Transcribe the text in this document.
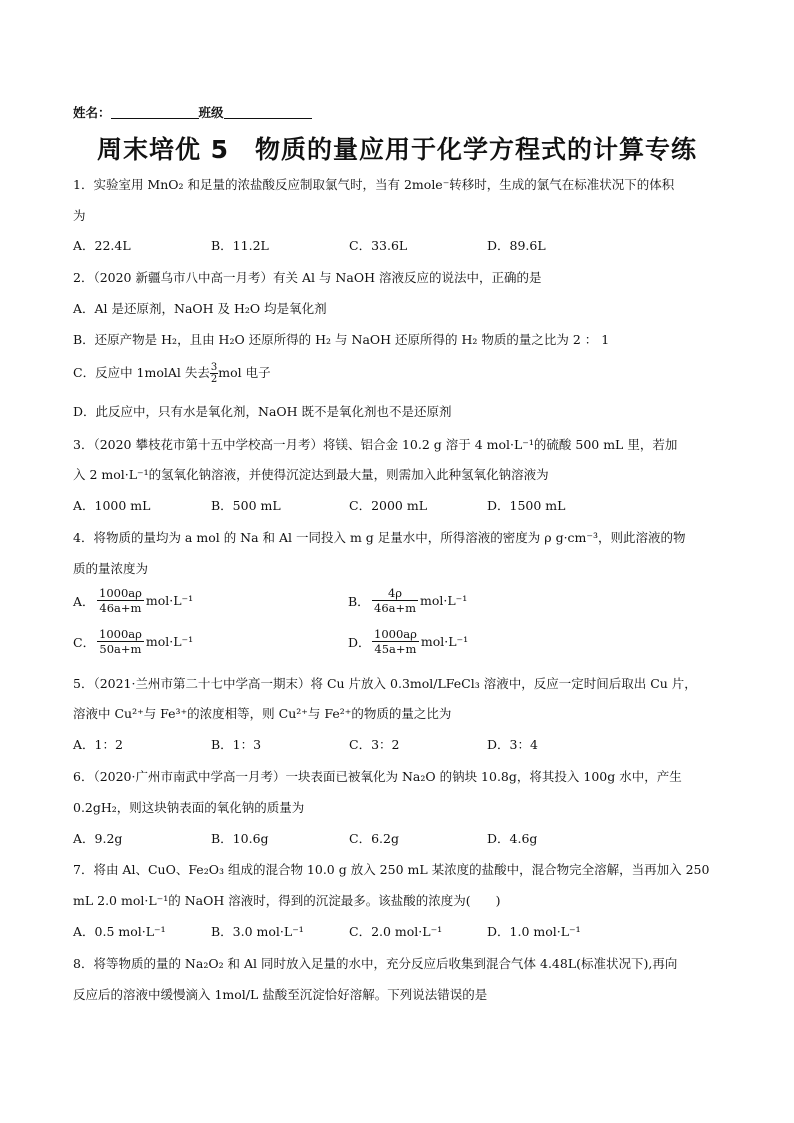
姓名：	班级
周末培优 5　物质的量应用于化学方程式的计算专练
1．实验室用 MnO₂ 和足量的浓盐酸反应制取氯气时，当有 2mole⁻转移时，生成的氯气在标准状况下的体积
为
A．22.4L	B．11.2L	C．33.6L	D．89.6L
2．（2020 新疆乌市八中高一月考）有关 Al 与 NaOH 溶液反应的说法中，正确的是
A．Al 是还原剂，NaOH 及 H₂O 均是氧化剂
B．还原产物是 H₂，且由 H₂O 还原所得的 H₂ 与 NaOH 还原所得的 H₂ 物质的量之比为 2 ： 1
C．反应中 1molAl 失去 $\frac{3}{2}$ mol 电子
D．此反应中，只有水是氧化剂，NaOH 既不是氧化剂也不是还原剂
3．（2020 攀枝花市第十五中学校高一月考）将镁、铝合金 10.2 g 溶于 4 mol·L⁻¹的硫酸 500 mL 里，若加
入 2 mol·L⁻¹的氢氧化钠溶液，并使得沉淀达到最大量，则需加入此种氢氧化钠溶液为
A．1000 mL	B．500 mL	C．2000 mL	D．1500 mL
4．将物质的量均为 a mol 的 Na 和 Al 一同投入 m g 足量水中，所得溶液的密度为 ρ g·cm⁻³，则此溶液的物
质的量浓度为
A． $\frac{1000a\rho}{46a+m} mol\cdot L^{-1}$	B． $\frac{4\rho}{46a+m} mol\cdot L^{-1}$
C． $\frac{1000a\rho}{50a+m} mol\cdot L^{-1}$	D． $\frac{1000a\rho}{45a+m} mol\cdot L^{-1}$
5．（2021·兰州市第二十七中学高一期末）将 Cu 片放入 0.3mol/LFeCl₃ 溶液中，反应一定时间后取出 Cu 片，
溶液中 Cu²⁺与 Fe³⁺的浓度相等，则 Cu²⁺与 Fe²⁺的物质的量之比为
A．1：2	B．1：3	C．3：2	D．3：4
6．（2020·广州市南武中学高一月考）一块表面已被氧化为 Na₂O 的钠块 10.8g，将其投入 100g 水中，产生
0.2gH₂，则这块钠表面的氧化钠的质量为
A．9.2g	B．10.6g	C．6.2g	D．4.6g
7．将由 Al、CuO、Fe₂O₃ 组成的混合物 10.0 g 放入 250 mL 某浓度的盐酸中，混合物完全溶解，当再加入 250
mL 2.0 mol·L⁻¹的 NaOH 溶液时，得到的沉淀最多。该盐酸的浓度为(　　)
A．0.5 mol·L⁻¹	B．3.0 mol·L⁻¹	C．2.0 mol·L⁻¹	D．1.0 mol·L⁻¹
8．将等物质的量的 Na₂O₂ 和 Al 同时放入足量的水中，充分反应后收集到混合气体 4.48L(标准状况下),再向
反应后的溶液中缓慢滴入 1mol/L 盐酸至沉淀恰好溶解。下列说法错误的是
